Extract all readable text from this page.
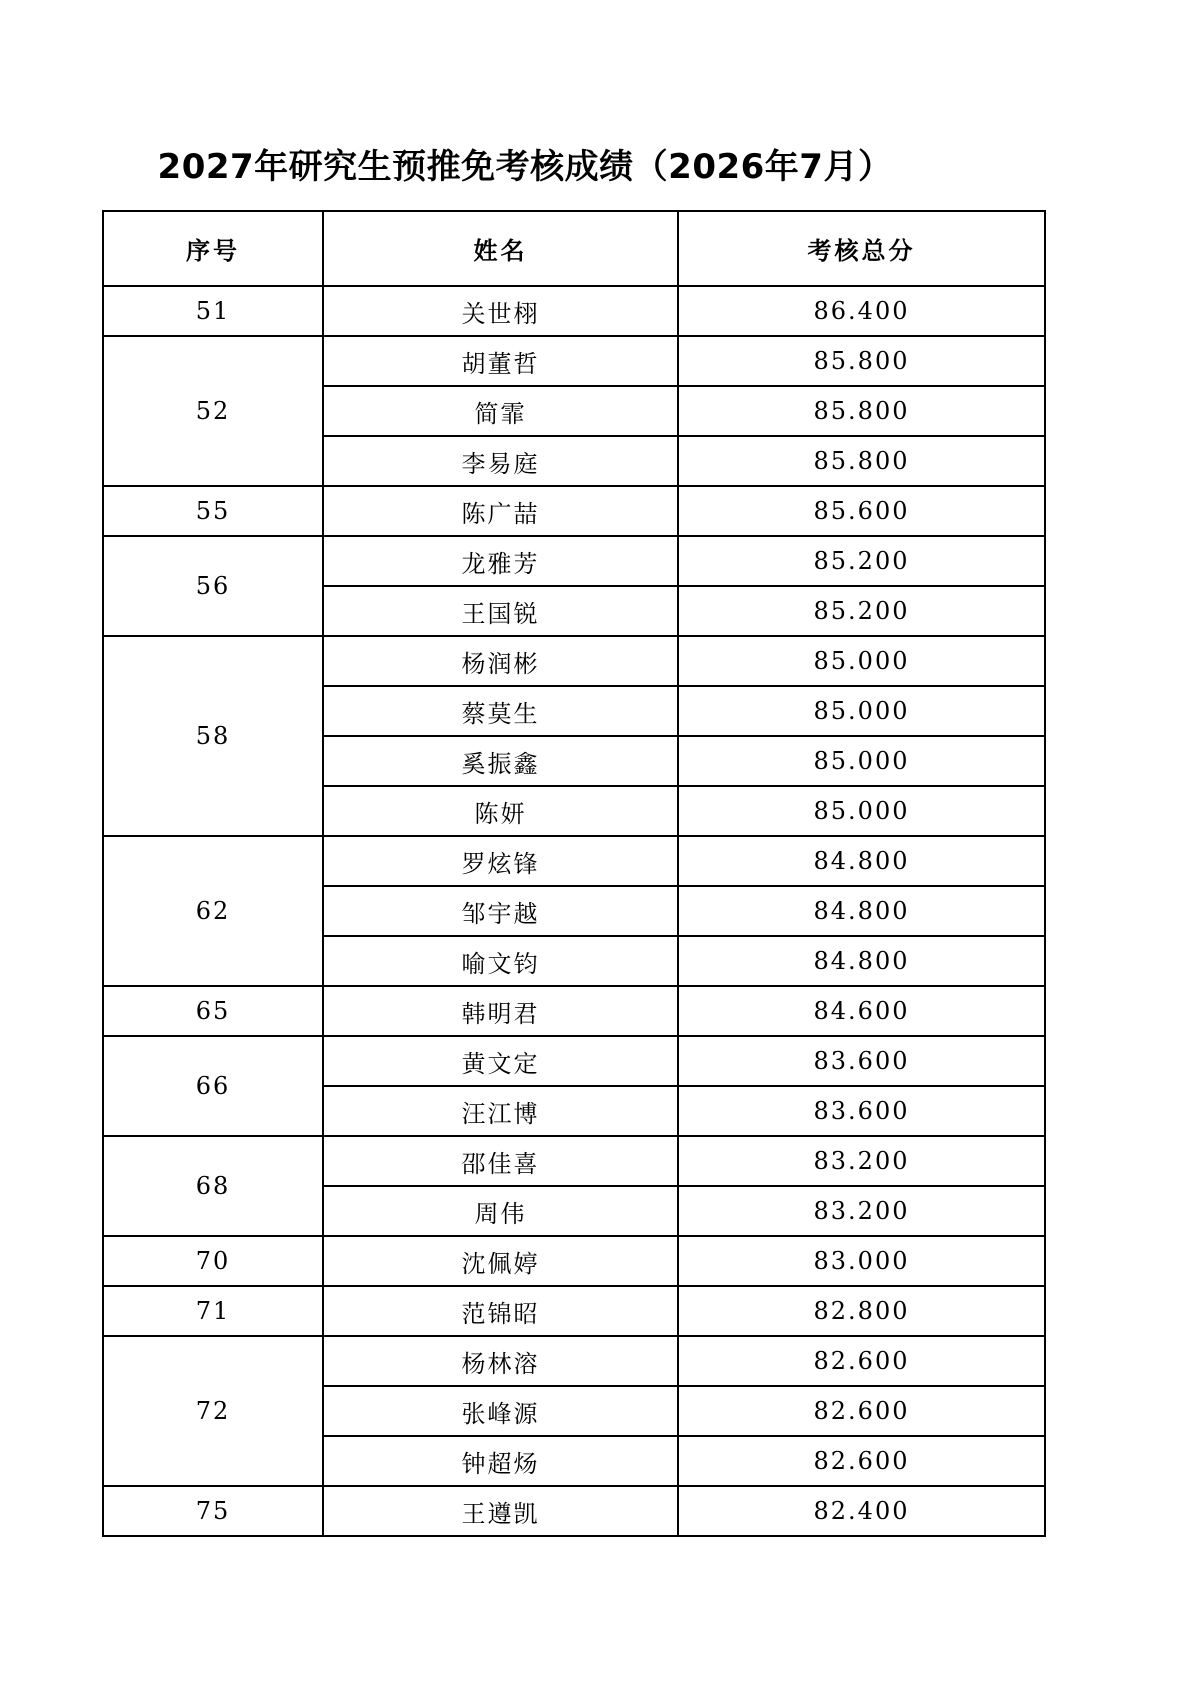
2027年研究生预推免考核成绩（2026年7月）
序号	姓名	考核总分
51	关世栩	86.400
52	胡董哲	85.800
	简霏	85.800
	李易庭	85.800
55	陈广喆	85.600
56	龙雅芳	85.200
	王国锐	85.200
58	杨润彬	85.000
	蔡莫生	85.000
	奚振鑫	85.000
	陈妍	85.000
62	罗炫锋	84.800
	邹宇越	84.800
	喻文钧	84.800
65	韩明君	84.600
66	黄文定	83.600
	汪江博	83.600
68	邵佳喜	83.200
	周伟	83.200
70	沈佩婷	83.000
71	范锦昭	82.800
72	杨林溶	82.600
	张峰源	82.600
	钟超炀	82.600
75	王遵凯	82.400
